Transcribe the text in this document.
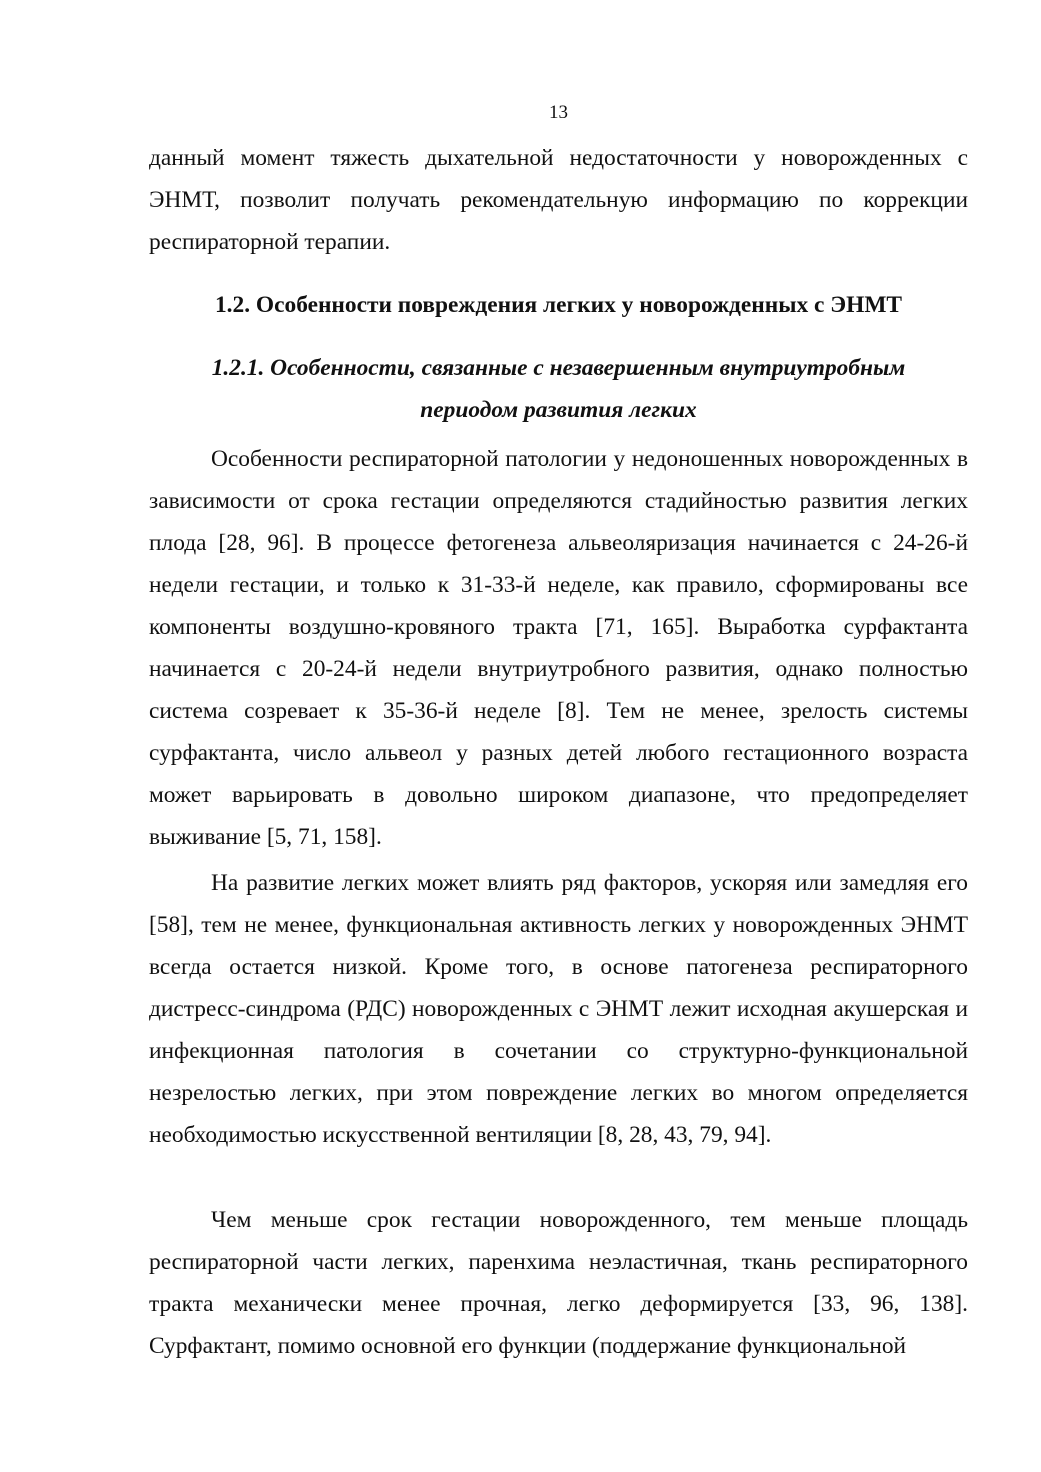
13

данный момент тяжесть дыхательной недостаточности у новорожденных с ЭНМТ, позволит получать рекомендательную информацию по коррекции респираторной терапии.

1.2. Особенности повреждения легких у новорожденных с ЭНМТ
1.2.1. Особенности, связанные с незавершенным внутриутробным
периодом развития легких

Особенности респираторной патологии у недоношенных новорожденных в зависимости от срока гестации определяются стадийностью развития легких плода [28, 96]. В процессе фетогенеза альвеоляризация начинается с 24-26-й недели гестации, и только к 31-33-й неделе, как правило, сформированы все компоненты воздушно-кровяного тракта [71, 165]. Выработка сурфактанта начинается с 20-24-й недели внутриутробного развития, однако полностью система созревает к 35-36-й неделе [8]. Тем не менее, зрелость системы сурфактанта, число альвеол у разных детей любого гестационного возраста может варьировать в довольно широком диапазоне, что предопределяет выживание [5, 71, 158].

На развитие легких может влиять ряд факторов, ускоряя или замедляя его [58], тем не менее, функциональная активность легких у новорожденных ЭНМТ всегда остается низкой. Кроме того, в основе патогенеза респираторного дистресс-синдрома (РДС) новорожденных с ЭНМТ лежит исходная акушерская и инфекционная патология в сочетании со структурно-функциональной незрелостью легких, при этом повреждение легких во многом определяется необходимостью искусственной вентиляции [8, 28, 43, 79, 94].

Чем меньше срок гестации новорожденного, тем меньше площадь респираторной части легких, паренхима неэластичная, ткань респираторного тракта механически менее прочная, легко деформируется [33, 96, 138]. Сурфактант, помимо основной его функции (поддержание функциональной
